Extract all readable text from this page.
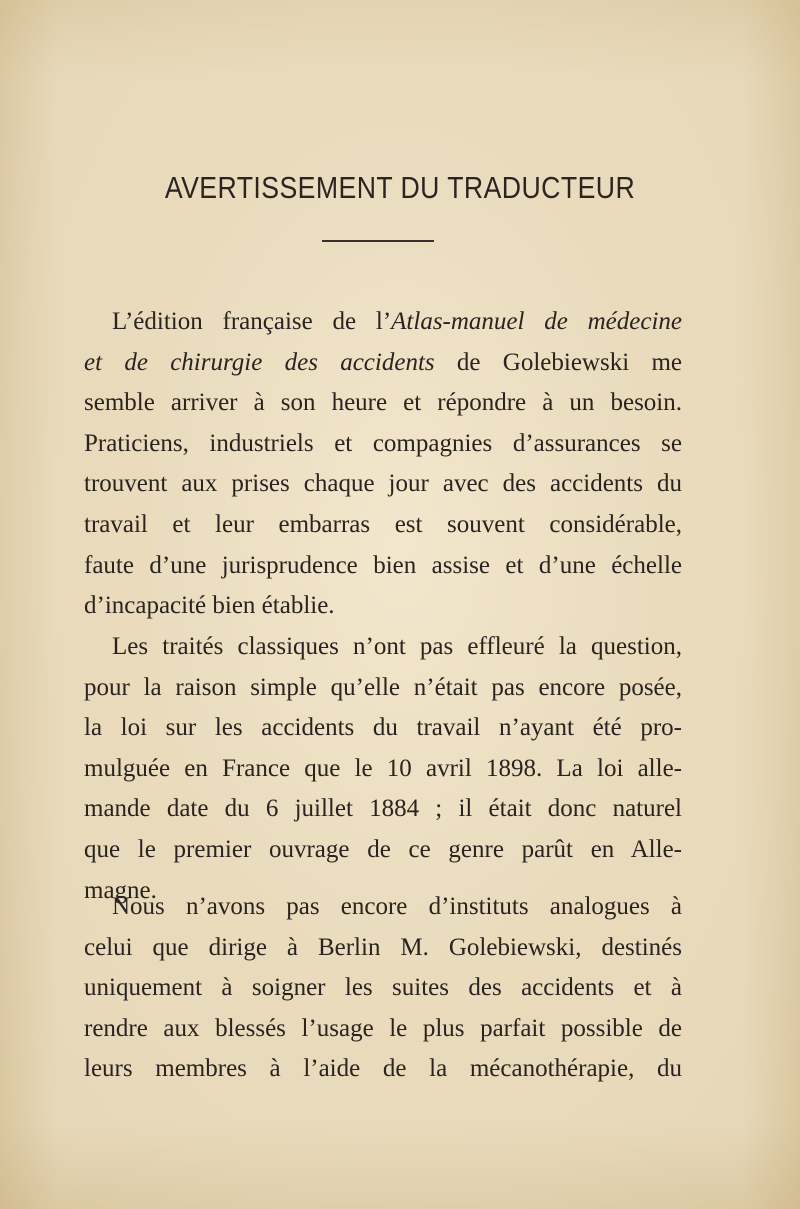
AVERTISSEMENT DU TRADUCTEUR
L’édition française de l’Atlas-manuel de médecine
et de chirurgie des accidents de Golebiewski me
semble arriver à son heure et répondre à un besoin.
Praticiens, industriels et compagnies d’assurances se
trouvent aux prises chaque jour avec des accidents du
travail et leur embarras est souvent considérable,
faute d’une jurisprudence bien assise et d’une échelle
d’incapacité bien établie.
Les traités classiques n’ont pas effleuré la question,
pour la raison simple qu’elle n’était pas encore posée,
la loi sur les accidents du travail n’ayant été pro-
mulguée en France que le 10 avril 1898. La loi alle-
mande date du 6 juillet 1884 ; il était donc naturel
que le premier ouvrage de ce genre parût en Alle-
magne.
Nous n’avons pas encore d’instituts analogues à
celui que dirige à Berlin M. Golebiewski, destinés
uniquement à soigner les suites des accidents et à
rendre aux blessés l’usage le plus parfait possible de
leurs membres à l’aide de la mécanothérapie, du
